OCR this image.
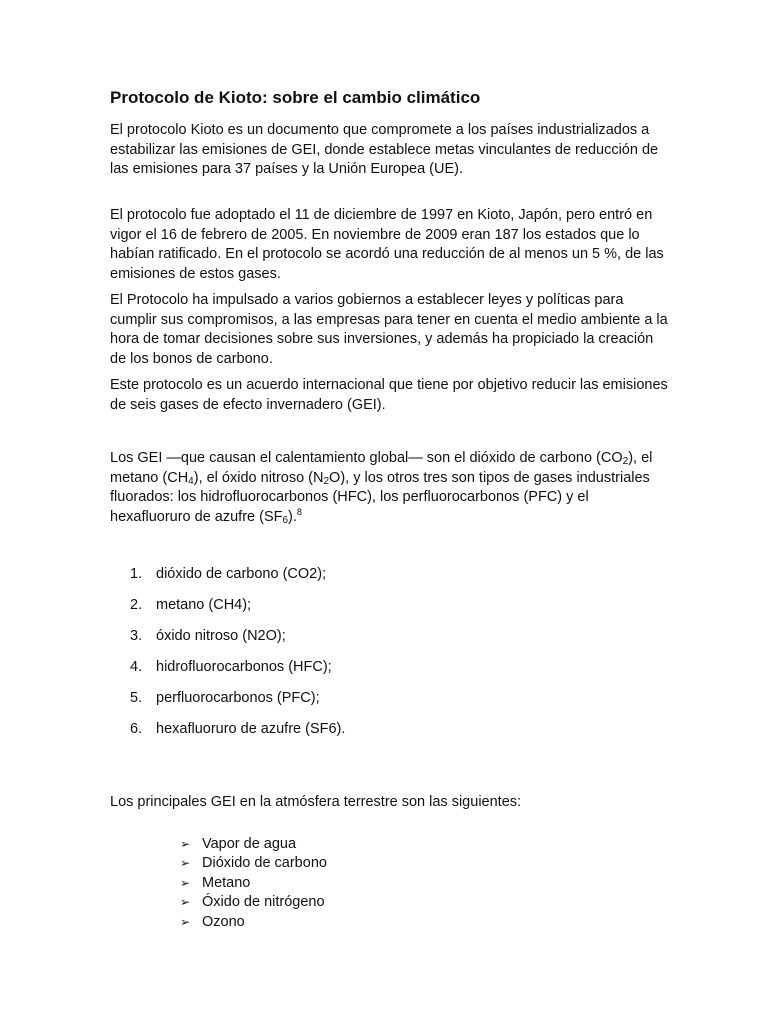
Protocolo de Kioto: sobre el cambio climático

El protocolo Kioto es un documento que compromete a los países industrializados a estabilizar las emisiones de GEI, donde establece metas vinculantes de reducción de las emisiones para 37 países y la Unión Europea (UE).

El protocolo fue adoptado el 11 de diciembre de 1997 en Kioto, Japón, pero entró en vigor el 16 de febrero de 2005. En noviembre de 2009 eran 187 los estados que lo habían ratificado. En el protocolo se acordó una reducción de al menos un 5 %, de las emisiones de estos gases.

El Protocolo ha impulsado a varios gobiernos a establecer leyes y políticas para cumplir sus compromisos, a las empresas para tener en cuenta el medio ambiente a la hora de tomar decisiones sobre sus inversiones, y además ha propiciado la creación de los bonos de carbono.

Este protocolo es un acuerdo internacional que tiene por objetivo reducir las emisiones de seis gases de efecto invernadero (GEI).

Los GEI —que causan el calentamiento global— son el dióxido de carbono $(CO_2)$, el metano $(CH_4)$, el óxido nitroso $(N_2O)$, y los otros tres son tipos de gases industriales fluorados: los hidrofluorocarbonos (HFC), los perfluorocarbonos (PFC) y el hexafluoruro de azufre $(SF_6).^8$

1. dióxido de carbono (CO2);
2. metano (CH4);
3. óxido nitroso (N2O);
4. hidrofluorocarbonos (HFC);
5. perfluorocarbonos (PFC);
6. hexafluoruro de azufre (SF6).

Los principales GEI en la atmósfera terrestre son las siguientes:

➢ Vapor de agua
➢ Dióxido de carbono
➢ Metano
➢ Óxido de nitrógeno
➢ Ozono
